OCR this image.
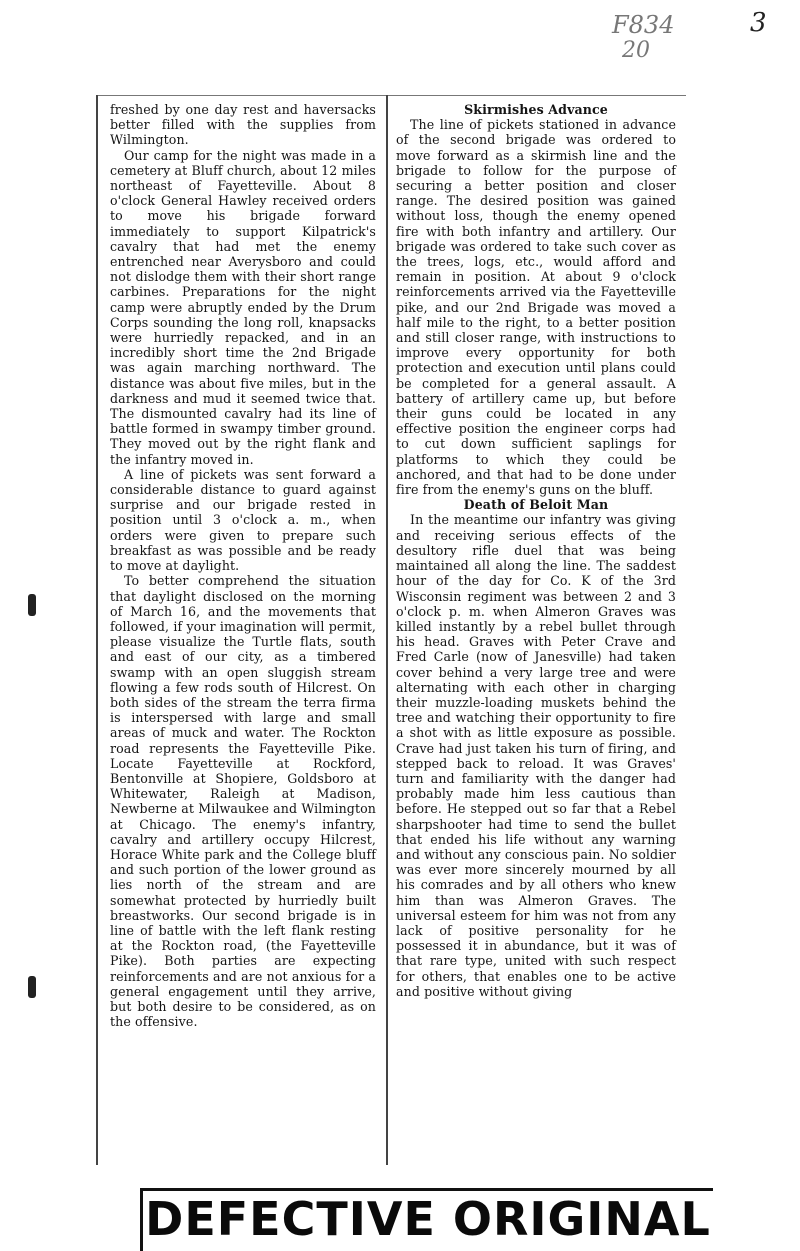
F834
20
3

freshed by one day rest and haversacks better filled with the supplies from Wilmington.

Our camp for the night was made in a cemetery at Bluff church, about 12 miles northeast of Fayetteville. About 8 o'clock General Hawley received orders to move his brigade forward immediately to support Kilpatrick's cavalry that had met the enemy entrenched near Averysboro and could not dislodge them with their short range carbines. Preparations for the night camp were abruptly ended by the Drum Corps sounding the long roll, knapsacks were hurriedly repacked, and in an incredibly short time the 2nd Brigade was again marching northward. The distance was about five miles, but in the darkness and mud it seemed twice that. The dismounted cavalry had its line of battle formed in swampy timber ground. They moved out by the right flank and the infantry moved in.

A line of pickets was sent forward a considerable distance to guard against surprise and our brigade rested in position until 3 o'clock a. m., when orders were given to prepare such breakfast as was possible and be ready to move at daylight.

To better comprehend the situation that daylight disclosed on the morning of March 16, and the movements that followed, if your imagination will permit, please visualize the Turtle flats, south and east of our city, as a timbered swamp with an open sluggish stream flowing a few rods south of Hilcrest. On both sides of the stream the terra firma is interspersed with large and small areas of muck and water. The Rockton road represents the Fayetteville Pike. Locate Fayetteville at Rockford, Bentonville at Shopiere, Goldsboro at Whitewater, Raleigh at Madison, Newberne at Milwaukee and Wilmington at Chicago. The enemy's infantry, cavalry and artillery occupy Hilcrest, Horace White park and the College bluff and such portion of the lower ground as lies north of the stream and are somewhat protected by hurriedly built breastworks. Our second brigade is in line of battle with the left flank resting at the Rockton road, (the Fayetteville Pike). Both parties are expecting reinforcements and are not anxious for a general engagement until they arrive, but both desire to be considered, as on the offensive.

Skirmishes Advance

The line of pickets stationed in advance of the second brigade was ordered to move forward as a skirmish line and the brigade to follow for the purpose of securing a better position and closer range. The desired position was gained without loss, though the enemy opened fire with both infantry and artillery. Our brigade was ordered to take such cover as the trees, logs, etc., would afford and remain in position. At about 9 o'clock reinforcements arrived via the Fayetteville pike, and our 2nd Brigade was moved a half mile to the right, to a better position and still closer range, with instructions to improve every opportunity for both protection and execution until plans could be completed for a general assault. A battery of artillery came up, but before their guns could be located in any effective position the engineer corps had to cut down sufficient saplings for platforms to which they could be anchored, and that had to be done under fire from the enemy's guns on the bluff.

Death of Beloit Man

In the meantime our infantry was giving and receiving serious effects of the desultory rifle duel that was being maintained all along the line. The saddest hour of the day for Co. K of the 3rd Wisconsin regiment was between 2 and 3 o'clock p. m. when Almeron Graves was killed instantly by a rebel bullet through his head. Graves with Peter Crave and Fred Carle (now of Janesville) had taken cover behind a very large tree and were alternating with each other in charging their muzzle-loading muskets behind the tree and watching their opportunity to fire a shot with as little exposure as possible. Crave had just taken his turn of firing, and stepped back to reload. It was Graves' turn and familiarity with the danger had probably made him less cautious than before. He stepped out so far that a Rebel sharpshooter had time to send the bullet that ended his life without any warning and without any conscious pain. No soldier was ever more sincerely mourned by all his comrades and by all others who knew him than was Almeron Graves. The universal esteem for him was not from any lack of positive personality for he possessed it in abundance, but it was of that rare type, united with such respect for others, that enables one to be active and positive without giving

DEFECTIVE ORIGINAL
